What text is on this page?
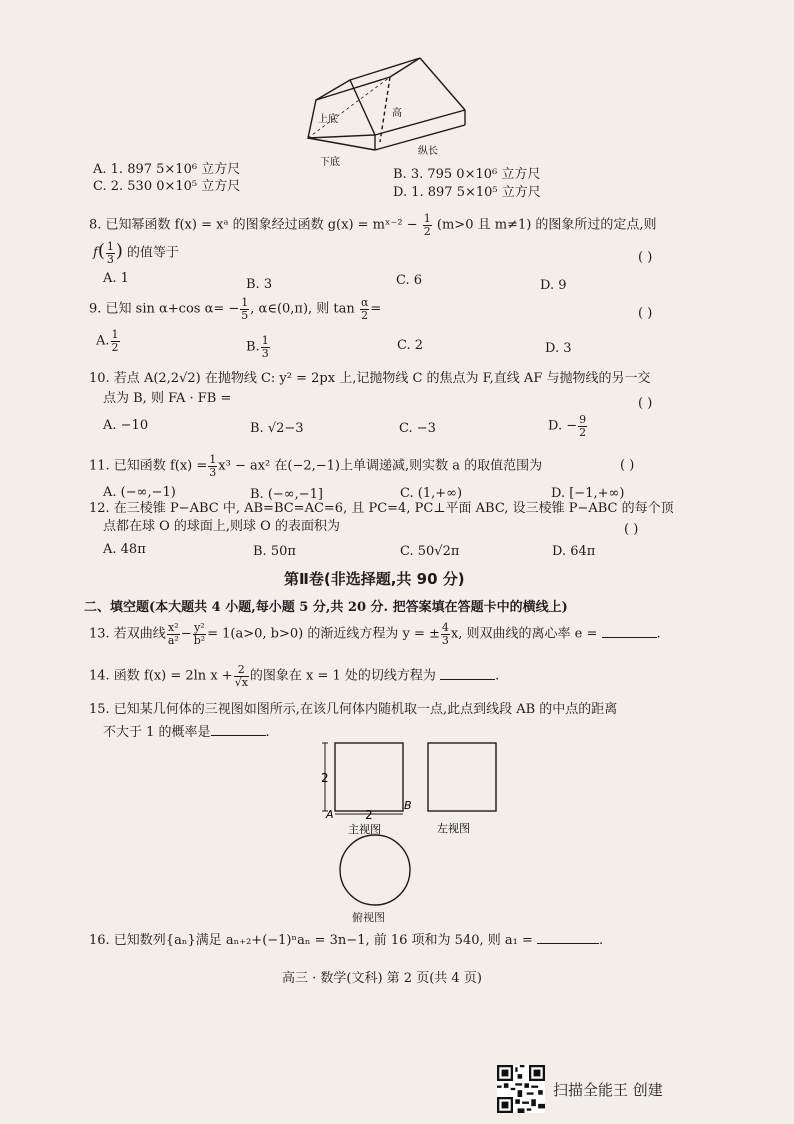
上底
高
下底
纵长
A. 1. 897 5×10⁶ 立方尺	B. 3. 795 0×10⁶ 立方尺
C. 2. 530 0×10⁵ 立方尺	D. 1. 897 5×10⁵ 立方尺
8. 已知幂函数 f(x) = xᵃ 的图象经过函数 g(x) = mˣ⁻² − $\frac{1}{2} (m>0$ 且 m≠1) 的图象所过的定点,则
$f( \frac{1}{3}$ ) 的值等于	( )
A. 1	B. 3	C. 6	D. 9
9. 已知 sin α+cos $\alpha= - \frac{1}{5}$ , α∈(0,π), 则 $\tan \frac{\alpha}{2}$ =	( )
A. $\frac{1}{2}$	B. $\frac{1}{3}$	C. 2	D. 3
10. 若点 A(2,2√2) 在抛物线 C: y² = 2px 上,记抛物线 C 的焦点为 F,直线 AF 与抛物线的另一交
点为 B, 则 FA · FB =	( )
A. −10	B. √2−3	C. −3	D. − $\frac{9}{2}$
11. 已知函数 $f(x) = \frac{1}{3} x^3 - ax^2$ 在(−2,−1)上单调递减,则实数 a 的取值范围为	( )
A. (−∞,−1)	B. (−∞,−1]	C. (1,+∞)	D. [−1,+∞)
12. 在三棱锥 P−ABC 中, AB=BC=AC=6, 且 PC=4, PC⊥平面 ABC, 设三棱锥 P−ABC 的每个顶
点都在球 O 的球面上,则球 O 的表面积为	( )
A. 48π	B. 50π	C. 50√2π	D. 64π
第Ⅱ卷(非选择题,共 90 分)
二、填空题(本大题共 4 小题,每小题 5 分,共 20 分. 把答案填在答题卡中的横线上)
13. 若双曲线 $\frac{\text{x²}}{\text{a²}} - \frac{\text{y²}}{\text{b²}} = 1(a>0$, b>0) 的渐近线方程为 y = ± $\frac{4}{3} x$, 则双曲线的离心率 e =	.
14. 函数 f(x) = 2ln $x + \frac{2}{√x}$ 的图象在 x = 1 处的切线方程为	.
15. 已知某几何体的三视图如图所示,在该几何体内随机取一点,此点到线段 AB 的中点的距离
不大于 1 的概率是	.
2
2
A
B
主视图	左视图
俯视图
16. 已知数列{aₙ}满足 aₙ₊₂+(−1)ⁿaₙ = 3n−1, 前 16 项和为 540, 则 a₁ =	.
高三 · 数学(文科) 第 2 页(共 4 页)
扫描全能王 创建
